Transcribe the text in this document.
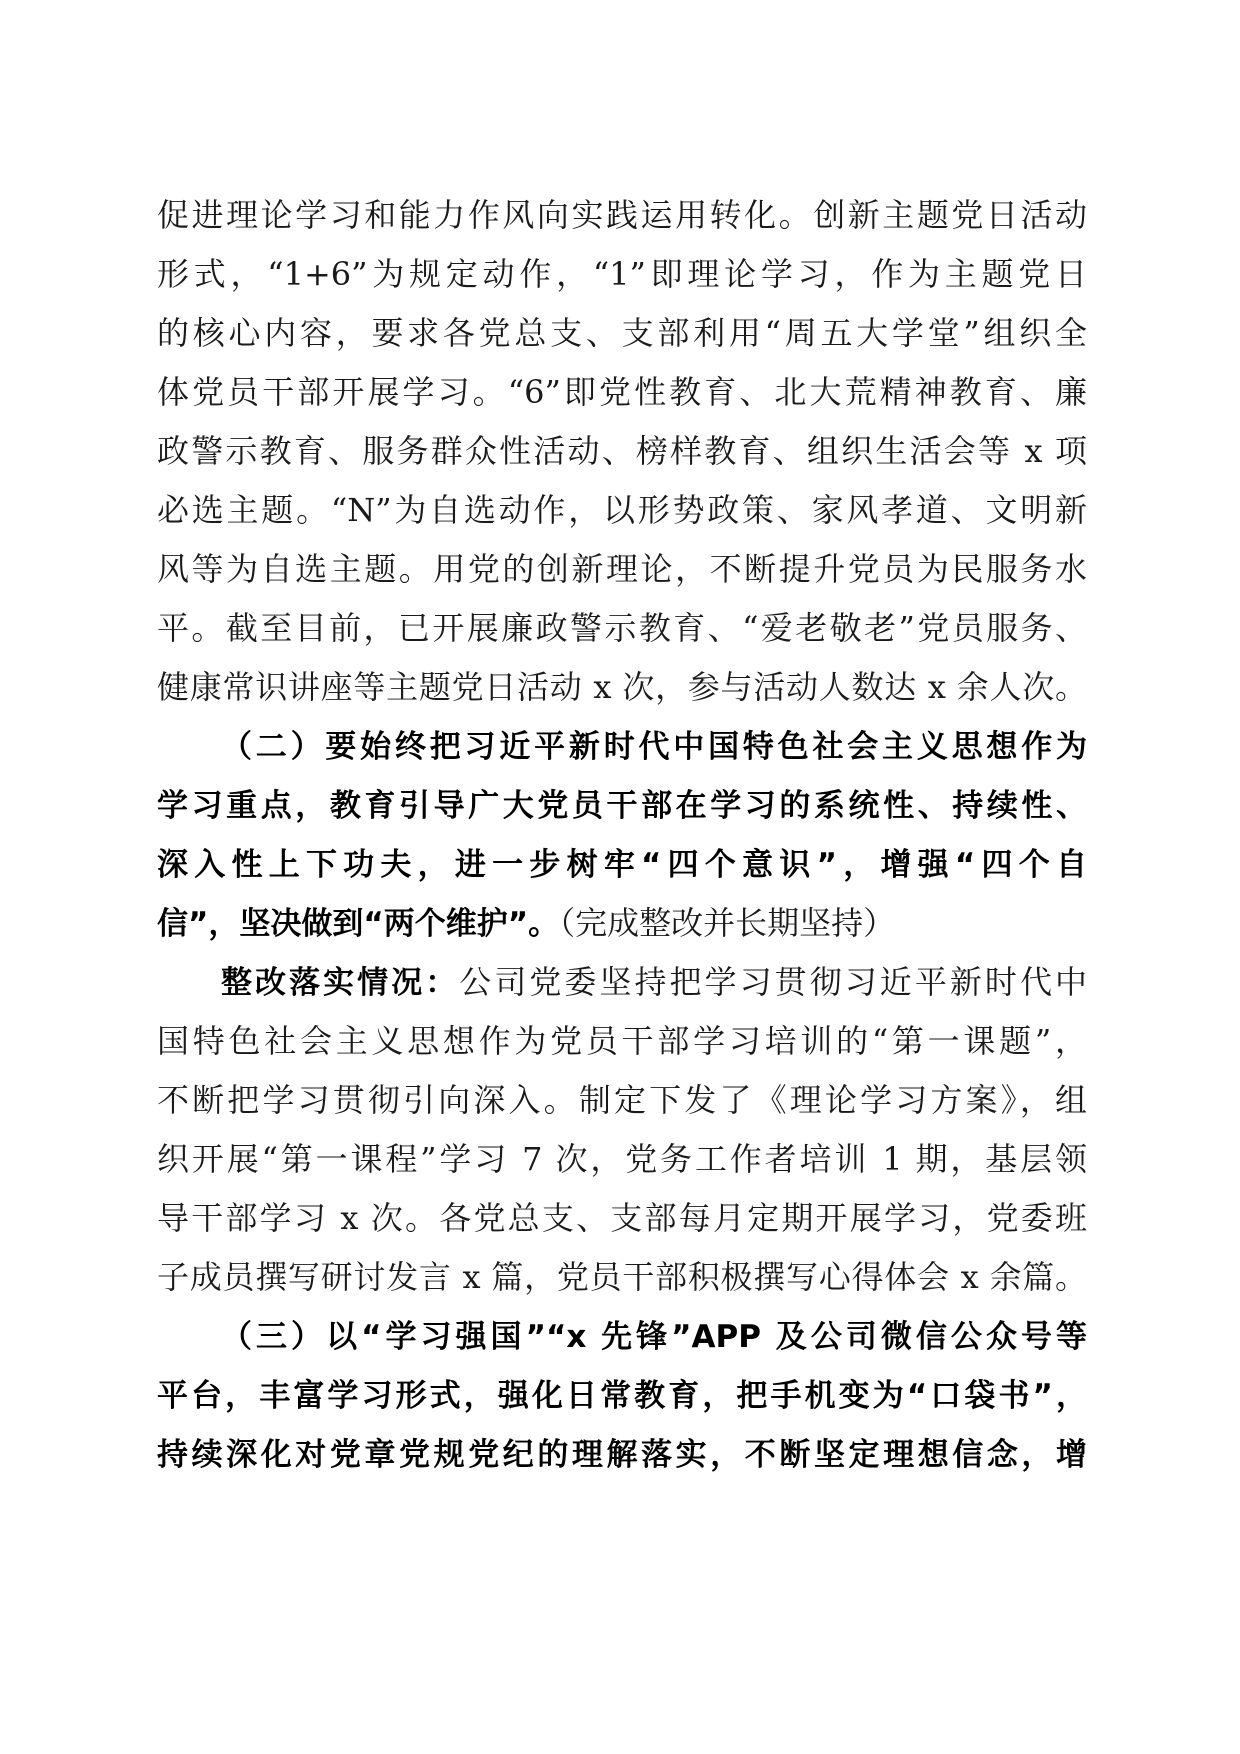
促进理论学习和能力作风向实践运用转化。创新主题党日活动
形式，“1+6”为规定动作，“1”即理论学习，作为主题党日
的核心内容，要求各党总支、支部利用“周五大学堂”组织全
体党员干部开展学习。“6”即党性教育、北大荒精神教育、廉
政警示教育、服务群众性活动、榜样教育、组织生活会等 x 项
必选主题。“N”为自选动作，以形势政策、家风孝道、文明新
风等为自选主题。用党的创新理论，不断提升党员为民服务水
平。截至目前，已开展廉政警示教育、“爱老敬老”党员服务、
健康常识讲座等主题党日活动 x 次，参与活动人数达 x 余人次。
（二）要始终把习近平新时代中国特色社会主义思想作为
学习重点，教育引导广大党员干部在学习的系统性、持续性、
深入性上下功夫，进一步树牢“四个意识”，增强“四个自
信”，坚决做到“两个维护”。（完成整改并长期坚持）
整改落实情况：公司党委坚持把学习贯彻习近平新时代中
国特色社会主义思想作为党员干部学习培训的“第一课题”，
不断把学习贯彻引向深入。制定下发了《理论学习方案》，组
织开展“第一课程”学习 7 次，党务工作者培训 1 期，基层领
导干部学习 x 次。各党总支、支部每月定期开展学习，党委班
子成员撰写研讨发言 x 篇，党员干部积极撰写心得体会 x 余篇。
（三）以“学习强国”“x 先锋”APP 及公司微信公众号等
平台，丰富学习形式，强化日常教育，把手机变为“口袋书”，
持续深化对党章党规党纪的理解落实，不断坚定理想信念，增
